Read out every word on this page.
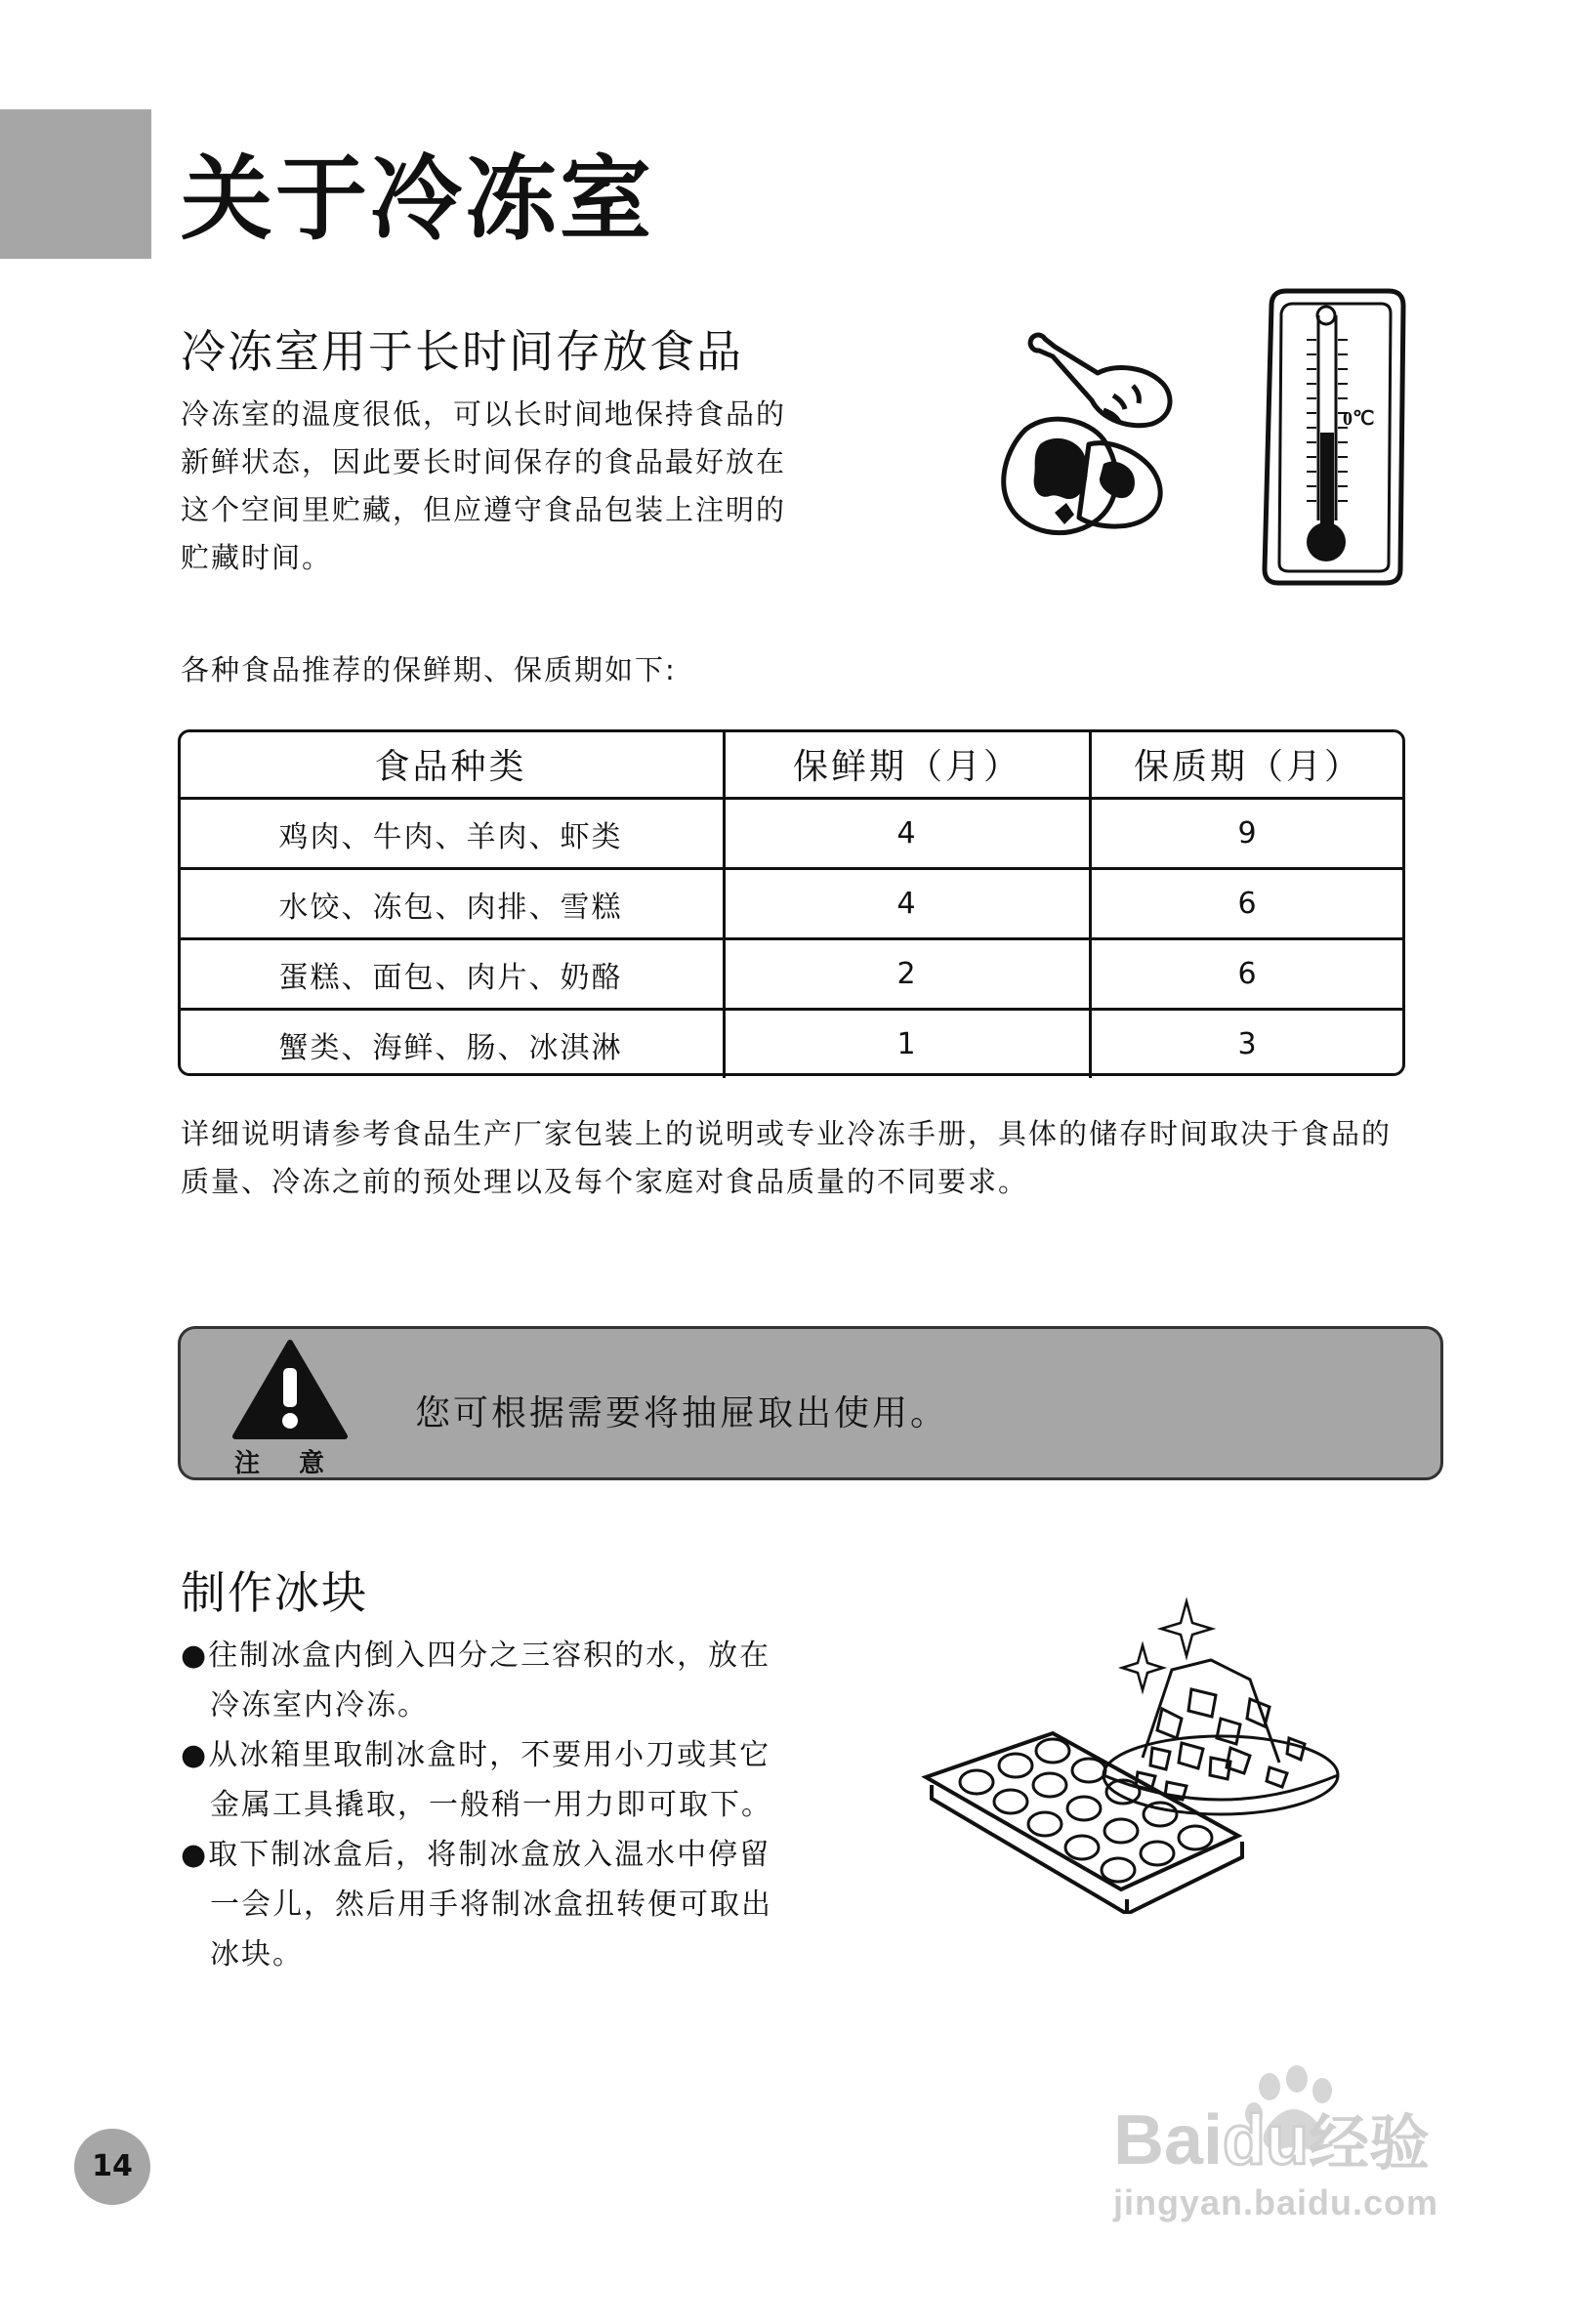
关于冷冻室
冷冻室用于长时间存放食品
冷冻室的温度很低，可以长时间地保持食品的
新鲜状态，因此要长时间保存的食品最好放在
这个空间里贮藏，但应遵守食品包装上注明的
贮藏时间。
0℃
各种食品推荐的保鲜期、保质期如下:
食品种类	保鲜期（月）	保质期（月）
鸡肉、牛肉、羊肉、虾类	4	9
水饺、冻包、肉排、雪糕	4	6
蛋糕、面包、肉片、奶酪	2	6
蟹类、海鲜、肠、冰淇淋	1	3
详细说明请参考食品生产厂家包装上的说明或专业冷冻手册，具体的储存时间取决于食品的
质量、冷冻之前的预处理以及每个家庭对食品质量的不同要求。
注意
您可根据需要将抽屉取出使用。
制作冰块
●往制冰盒内倒入四分之三容积的水，放在
冷冻室内冷冻。
●从冰箱里取制冰盒时，不要用小刀或其它
金属工具撬取，一般稍一用力即可取下。
●取下制冰盒后，将制冰盒放入温水中停留
一会儿，然后用手将制冰盒扭转便可取出
冰块。
14	Baidu经验
jingyan.baidu.com
